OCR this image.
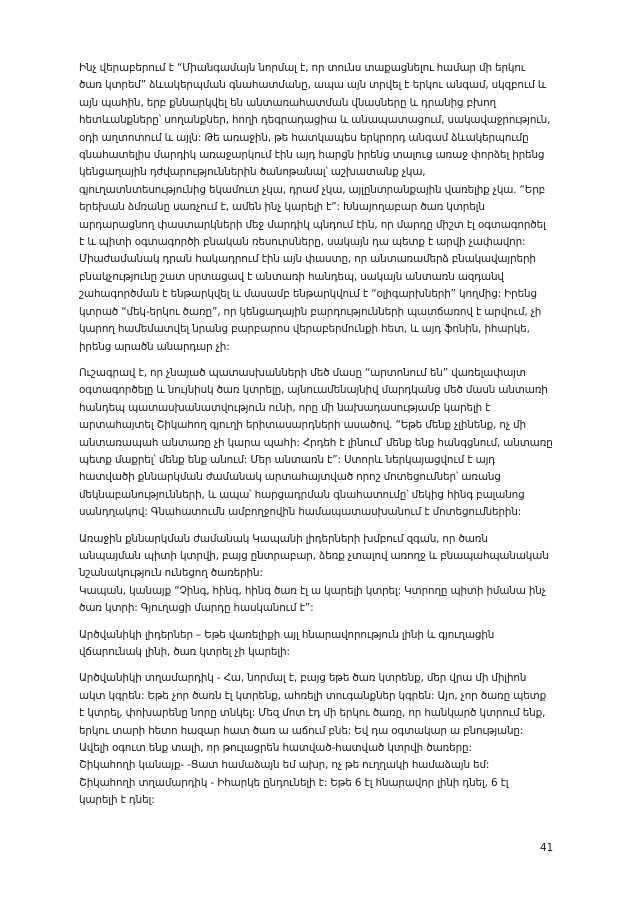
Ինչ վերաբերում է “Միանգամայն նորմալ է, որ տունս տաքացնելու համար մի երկու
ծառ կտրեմ” ձևակերպման գնահատմանը, ապա այն տրվել է երկու անգամ, սկզբում և
այն պահին, երբ քննարկվել են անտառահատման վնասները և դրանից բխող
հետևանքները՝ սողանքներ, հողի դեգրադացիա և անապատացում, սակավաջրություն,
օդի աղտոտում և այլն: Թե առաջին, թե հատկապես երկրորդ անգամ ձևակերպումը
գնահատելիս մարդիկ առաջարկում էին այդ հարցն իրենց տալուց առաջ փորձել իրենց
կենցաղային դժվարություններին ծանոթանալ՝ աշխատանք չկա,
գյուղատնտեսությունից եկամուտ չկա, դրամ չկա, այլընտրանքային վառելիք չկա. “Երբ
երեխան ձմռանը սառչում է, ամեն ինչ կարելի է”: Խնայողաբար ծառ կտրելն
արդարացնող փաստարկների մեջ մարդիկ պնդում էին, որ մարդը միշտ էլ օգտագործել
է և պիտի օգտագործի բնական ռեսուրսները, սակայն դա պետք է արվի չափավոր:
Միաժամանակ դրան հակադրում էին այն փաստը, որ անտառամերձ բնակավայրերի
բնակչությունը շատ սրտացավ է անտառի հանդեպ, սակայն անտառն ազդանվ
շահագործման է ենթարկվել և մասամբ ենթարկվում է “օլիգարխների” կողմից: Իրենց
կտրած “մեկ-երկու ծառը”, որ կենցաղային բարդությունների պատճառով է արվում, չի
կարող համեմատվել նրանց բարբարոս վերաբերմունքի հետ, և այդ ֆոնին, իհարկե,
իրենց արածն անարդար չի:

Ուշագրավ է, որ չնայած պատասխանների մեծ մասը “արտոնում են” վառելափայտ
օգտագործելը և նույնիսկ ծառ կտրելը, այնուամենայնիվ մարդկանց մեծ մասն անտառի
հանդեպ պատասխանատվություն ունի, որը մի նախադասությամբ կարելի է
արտահայտել Շիկահող գյուղի երիտասարդների ասածով. “Եթե մենք չլինենք, ոչ մի
անտառապահ անտառը չի կարա պահի: Հրդեհ է լինում՝ մենք ենք հանգցնում, անտառը
պետք մաքրել՝ մենք ենք անում: Մեր անտառն է”: Ստորև ներկայացվում է այդ
հատվածի քննարկման ժամանակ արտահայտված որոշ մոտեցումներ՝ առանց
մեկնաբանությունների, և ապա՝ հարցադրման գնահատումը՝ մեկից հինգ բալանոց
սանդղակով: Գնահատումն ամբողջովին համապատասխանում է մոտեցումներին:

Առաջին քննարկման ժամանակ Կապանի լիդերների խմբում զգան, որ ծառն
անպայման պիտի կտրվի, բայց ընտրաբար, ձեռք չտալով առողջ և բնապահպանական
նշանակություն ունեցող ծառերին:
Կապան, կանայք “Չինգ, հինգ, հինգ ծառ էլ ա կարելի կտրել: Կտրողը պիտի իմանա ինչ
ծառ կտրի: Գյուղացի մարդը հասկանում է”:

Արծվանիկի լիդերներ – Եթե վառելիքի այլ հնարավորություն լինի և գյուղացին
վճարունակ լինի, ծառ կտրել չի կարելի:

Արծվանիկի տղամարդիկ - Հա, նորմալ է, բայց եթե ծառ կտրենք, մեր վրա մի միլիոն
ակտ կգրեն: Եթե չոր ծառն էլ կտրենք, ահռելի տուգանքներ կգրեն: Այո, չոր ծառը պետք
է կտրել, փոխարենը նորը տնկել: Մեզ մոտ էդ մի երկու ծառը, որ հանկարծ կտրում ենք,
երկու տարի հետո հազար հատ ծառ ա աճում բնե: Եվ դա օգտակար ա բնությանը:
Ավելի օգուտ ենք տալի, որ թուլացրեն հատված-հատված կտրվի ծառերը:
Շիկահողի կանայք- -Ցատ համաձայն եմ ախր, ոչ թե ուղղակի համաձայն եմ:
Շիկահողի տղամարդիկ - Իհարկե ընդունելի է: Եթե 6 էլ հնարավոր լինի դնել, 6 էլ
կարելի է դնել:

41
